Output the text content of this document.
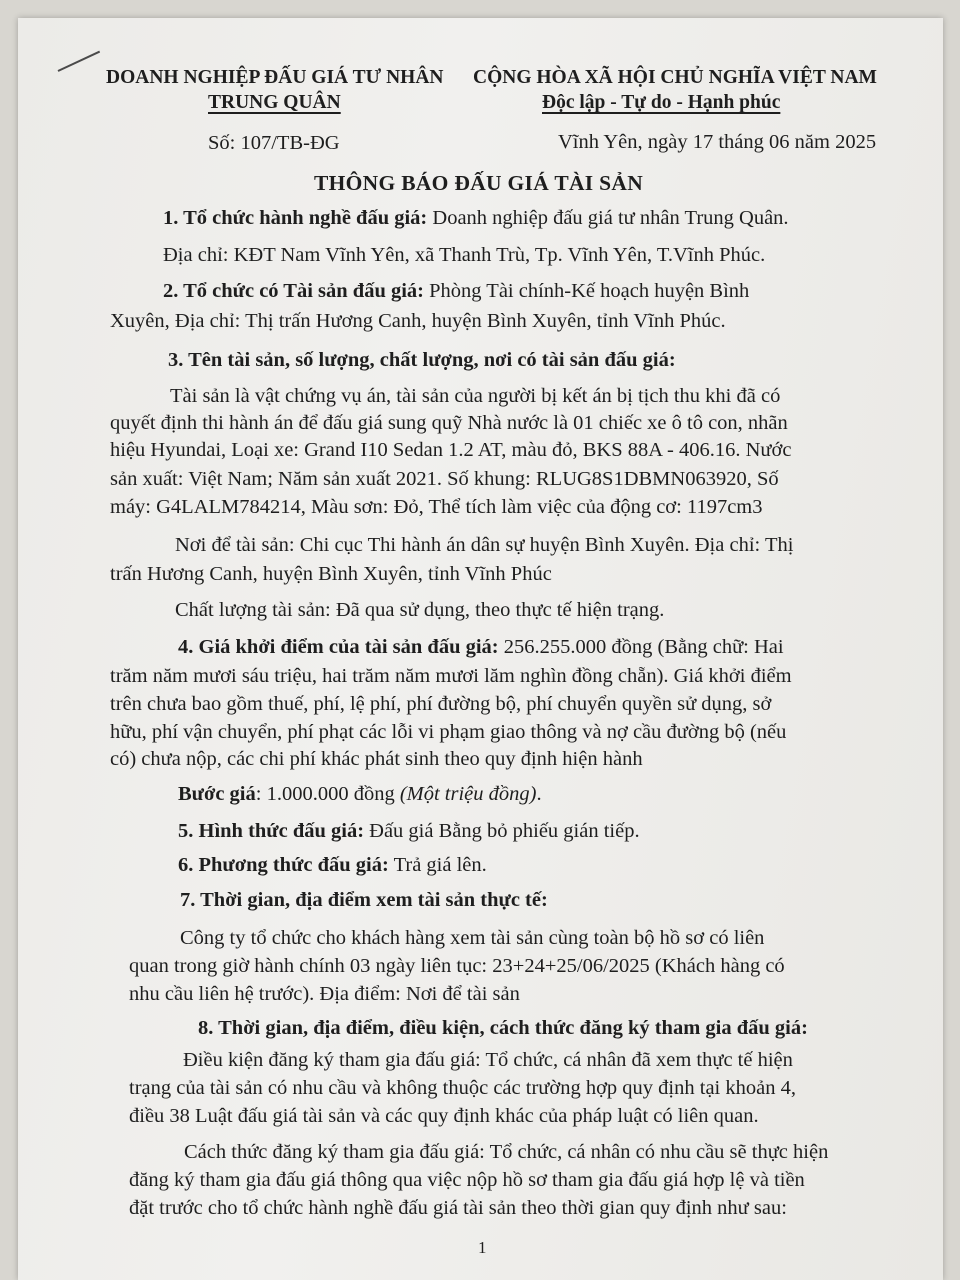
DOANH NGHIỆP ĐẤU GIÁ TƯ NHÂN
TRUNG QUÂN
CỘNG HÒA XÃ HỘI CHỦ NGHĨA VIỆT NAM
Độc lập - Tự do - Hạnh phúc
Số: 107/TB-ĐG	Vĩnh Yên, ngày 17 tháng 06 năm 2025
THÔNG BÁO ĐẤU GIÁ TÀI SẢN
1. Tổ chức hành nghề đấu giá: Doanh nghiệp đấu giá tư nhân Trung Quân.
Địa chỉ: KĐT Nam Vĩnh Yên, xã Thanh Trù, Tp. Vĩnh Yên, T.Vĩnh Phúc.
2. Tổ chức có Tài sản đấu giá: Phòng Tài chính-Kế hoạch huyện Bình
Xuyên, Địa chỉ: Thị trấn Hương Canh, huyện Bình Xuyên, tỉnh Vĩnh Phúc.
3. Tên tài sản, số lượng, chất lượng, nơi có tài sản đấu giá:
Tài sản là vật chứng vụ án, tài sản của người bị kết án bị tịch thu khi đã có
quyết định thi hành án để đấu giá sung quỹ Nhà nước là 01 chiếc xe ô tô con, nhãn
hiệu Hyundai, Loại xe: Grand I10 Sedan 1.2 AT, màu đỏ, BKS 88A - 406.16. Nước
sản xuất: Việt Nam; Năm sản xuất 2021. Số khung: RLUG8S1DBMN063920, Số
máy: G4LALM784214, Màu sơn: Đỏ, Thể tích làm việc của động cơ: 1197cm3
Nơi để tài sản: Chi cục Thi hành án dân sự huyện Bình Xuyên. Địa chỉ: Thị
trấn Hương Canh, huyện Bình Xuyên, tỉnh Vĩnh Phúc
Chất lượng tài sản: Đã qua sử dụng, theo thực tế hiện trạng.
4. Giá khởi điểm của tài sản đấu giá: 256.255.000 đồng (Bằng chữ: Hai
trăm năm mươi sáu triệu, hai trăm năm mươi lăm nghìn đồng chẵn). Giá khởi điểm
trên chưa bao gồm thuế, phí, lệ phí, phí đường bộ, phí chuyển quyền sử dụng, sở
hữu, phí vận chuyển, phí phạt các lỗi vi phạm giao thông và nợ cầu đường bộ (nếu
có) chưa nộp, các chi phí khác phát sinh theo quy định hiện hành
Bước giá: 1.000.000 đồng (Một triệu đồng).
5. Hình thức đấu giá: Đấu giá Bằng bỏ phiếu gián tiếp.
6. Phương thức đấu giá: Trả giá lên.
7. Thời gian, địa điểm xem tài sản thực tế:
Công ty tổ chức cho khách hàng xem tài sản cùng toàn bộ hồ sơ có liên
quan trong giờ hành chính 03 ngày liên tục: 23+24+25/06/2025 (Khách hàng có
nhu cầu liên hệ trước). Địa điểm: Nơi để tài sản
8. Thời gian, địa điểm, điều kiện, cách thức đăng ký tham gia đấu giá:
Điều kiện đăng ký tham gia đấu giá: Tổ chức, cá nhân đã xem thực tế hiện
trạng của tài sản có nhu cầu và không thuộc các trường hợp quy định tại khoản 4,
điều 38 Luật đấu giá tài sản và các quy định khác của pháp luật có liên quan.
Cách thức đăng ký tham gia đấu giá: Tổ chức, cá nhân có nhu cầu sẽ thực hiện
đăng ký tham gia đấu giá thông qua việc nộp hồ sơ tham gia đấu giá hợp lệ và tiền
đặt trước cho tổ chức hành nghề đấu giá tài sản theo thời gian quy định như sau:
1
